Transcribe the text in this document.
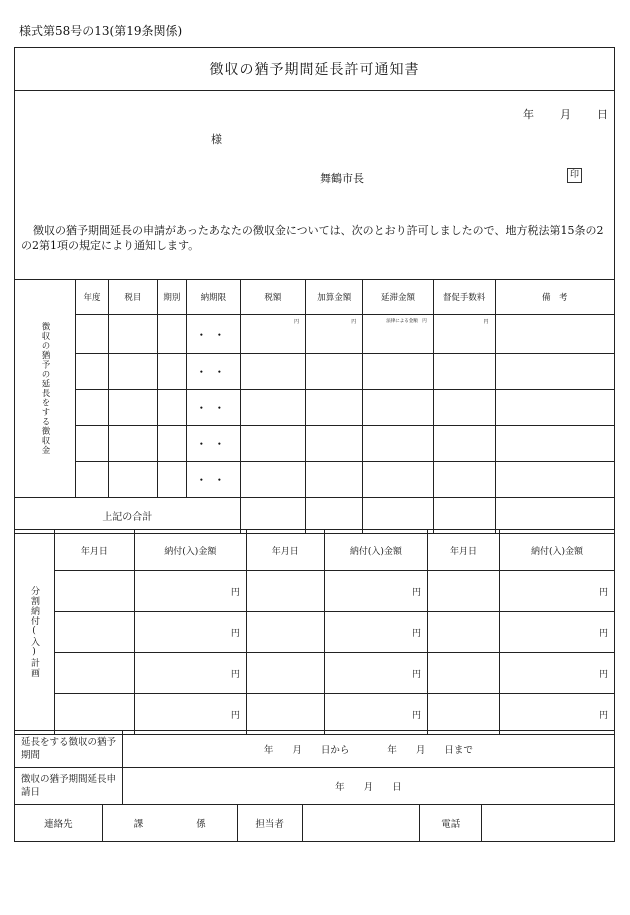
様式第58号の13(第19条関係)
徴収の猶予期間延長許可通知書
年 月 日
様
舞鶴市長	印
徴収の猶予期間延長の申請があったあなたの徴収金については、次のとおり許可しましたので、地方税法第15条の2の2第1項の規定により通知します。
徴収の猶予の延長をする徴収金	年度	税目	期別	納期限	税額	加算金額	延滞金額	督促手数料	備　考
				・・	円	円	法律による金額　円	円	
				・・					
				・・					
				・・					
				・・					
上記の合計									
分割納付(入)計画	年月日	納付(入)金額	年月日	納付(入)金額	年月日	納付(入)金額
		円		円		円
		円		円		円
		円		円		円
		円		円		円
延長をする徴収の猶予期間		年　　月　　日から　　　　年　　月　　日まで				
徴収の猶予期間延長申請日		年　　月　　日				
連絡先	課 係		担当者		電話	
